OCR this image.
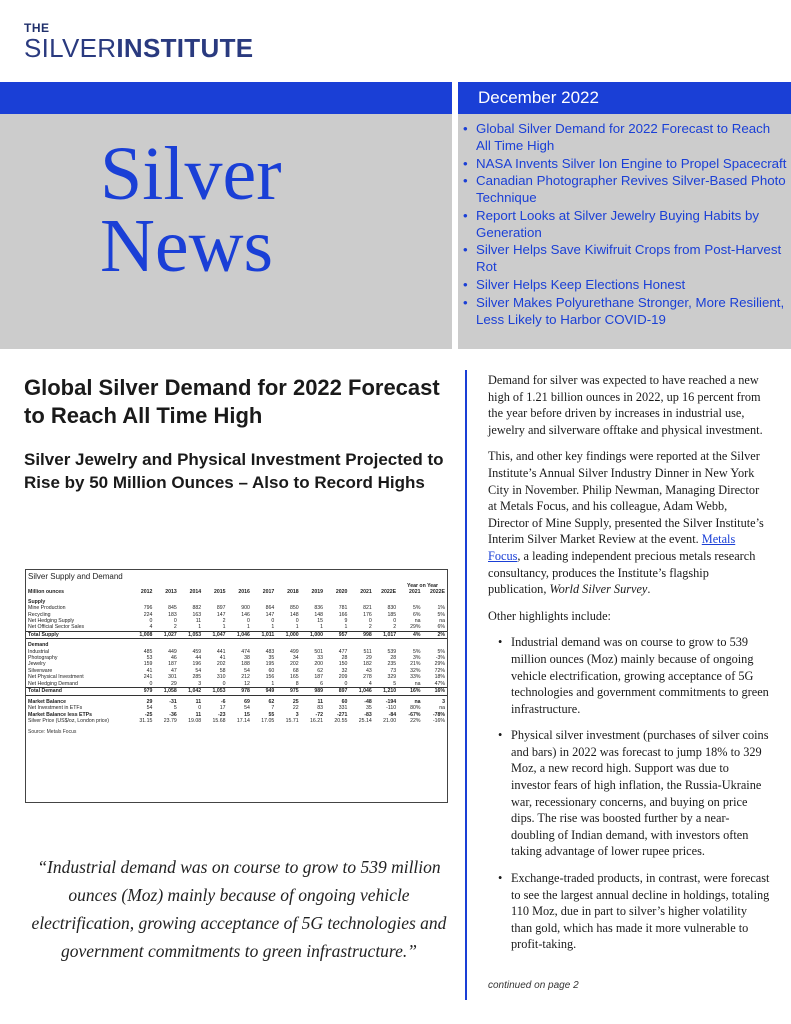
THE
SILVERINSTITUTE
December 2022
Silver
News
• Global Silver Demand for 2022 Forecast to Reach All Time High
• NASA Invents Silver Ion Engine to Propel Spacecraft
• Canadian Photographer Revives Silver-Based Photo Technique
• Report Looks at Silver Jewelry Buying Habits by Generation
• Silver Helps Save Kiwifruit Crops from Post-Harvest Rot
• Silver Helps Keep Elections Honest
• Silver Makes Polyurethane Stronger, More Resilient, Less Likely to Harbor COVID-19
Global Silver Demand for 2022 Forecast to Reach All Time High
Silver Jewelry and Physical Investment Projected to Rise by 50 Million Ounces – Also to Record Highs
Silver Supply and Demand
												Year on Year	
Million ounces	2012	2013	2014	2015	2016	2017	2018	2019	2020	2021	2022E	2021	2022E
Supply													
Mine Production	796	845	882	897	900	864	850	836	781	821	830	5%	1%
Recycling	224	183	163	147	146	147	148	148	166	176	185	6%	5%
Net Hedging Supply	0	0	11	2	0	0	0	15	9	0	0	na	na
Net Official Sector Sales	4	2	1	1	1	1	1	1	1	2	2	29%	6%
Total Supply	1,008	1,027	1,053	1,047	1,046	1,011	1,000	1,000	957	998	1,017	4%	2%
Demand													
Industrial	485	449	459	441	474	483	499	501	477	511	539	5%	5%
Photography	53	46	44	41	38	35	34	33	28	29	28	3%	-3%
Jewelry	159	187	196	202	188	195	202	200	150	182	235	21%	29%
Silverware	41	47	54	58	54	60	68	62	32	43	73	32%	72%
Net Physical Investment	241	301	285	310	212	156	165	187	209	278	329	33%	18%
Net Hedging Demand	0	29	3	0	12	1	8	6	0	4	5	na	47%
Total Demand	979	1,058	1,042	1,053	978	949	975	989	897	1,046	1,210	16%	16%

Market Balance	29	-31	11	-6	69	62	25	11	60	-48	-194	na	3
Net Investment in ETFs	54	5	0	17	54	7	22	83	331	35	-110	80%	na
Market Balance less ETPs	-25	-36	11	-23	15	55	3	-72	-271	-83	-84	-67%	-78%
Silver Price (US$/oz, London price)	31.15	23.79	19.08	15.68	17.14	17.05	15.71	16.21	20.55	25.14	21.00	22%	-16%
Source: Metals Focus
“Industrial demand was on course to grow to 539 million ounces (Moz) mainly because of ongoing vehicle electrification, growing acceptance of 5G technologies and government commitments to green infrastructure.”

Demand for silver was expected to have reached a new high of 1.21 billion ounces in 2022, up 16 percent from the year before driven by increases in industrial use, jewelry and silverware offtake and physical investment.

This, and other key findings were reported at the Silver Institute’s Annual Silver Industry Dinner in New York City in November. Philip Newman, Managing Director at Metals Focus, and his colleague, Adam Webb, Director of Mine Supply, presented the Silver Institute’s Interim Silver Market Review at the event. Metals Focus, a leading independent precious metals research consultancy, produces the Institute’s flagship publication, World Silver Survey.

Other highlights include:

• Industrial demand was on course to grow to 539 million ounces (Moz) mainly because of ongoing vehicle electrification, growing acceptance of 5G technologies and government commitments to green infrastructure.
• Physical silver investment (purchases of silver coins and bars) in 2022 was forecast to jump 18% to 329 Moz, a new record high. Support was due to investor fears of high inflation, the Russia-Ukraine war, recessionary concerns, and buying on price dips. The rise was boosted further by a near-doubling of Indian demand, with investors often taking advantage of lower rupee prices.
• Exchange-traded products, in contrast, were forecast to see the largest annual decline in holdings, totaling 110 Moz, due in part to silver’s higher volatility than gold, which has made it more vulnerable to profit-taking.
continued on page 2
